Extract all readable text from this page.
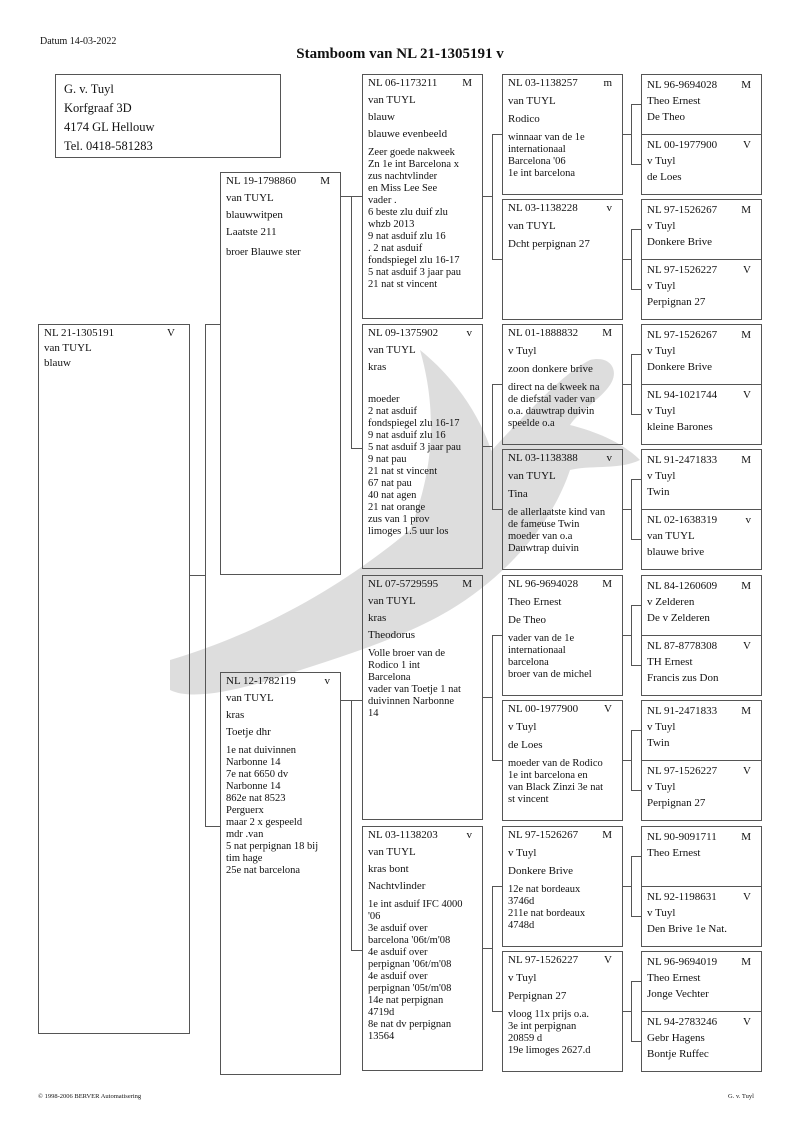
Datum 14-03-2022
Stamboom van NL 21-1305191 v
G. v. Tuyl
Korfgraaf 3D
4174 GL Hellouw
Tel. 0418-581283
NL 21-1305191	V
van TUYL
blauw
NL 19-1798860 M
van TUYL
blauwwitpen
Laatste 211
broer Blauwe ster
NL 12-1782119	v
van TUYL
kras
Toetje dhr
1e nat duivinnen
Narbonne 14
7e nat 6650 dv
Narbonne 14
862e nat 8523
Perguerx
maar 2 x gespeeld
mdr .van
5 nat perpignan 18 bij
tim hage
25e nat barcelona
NL 06-1173211 M
van TUYL
blauw
blauwe evenbeeld
Zeer goede nakweek
Zn 1e int Barcelona x
zus nachtvlinder
en Miss Lee See
vader .
6 beste zlu duif zlu
whzb 2013
9 nat asduif zlu 16
. 2 nat asduif
fondspiegel zlu 16-17
5 nat asduif 3 jaar pau
21 nat st vincent
NL 09-1375902	v
van TUYL
kras
moeder
2 nat asduif
fondspiegel zlu 16-17
9 nat asduif zlu 16
5 nat asduif 3 jaar pau
9 nat pau
21 nat st vincent
67 nat pau
40 nat agen
21 nat orange
zus van 1 prov
limoges 1.5 uur los
NL 07-5729595 M
van TUYL
kras
Theodorus
Volle broer van de
Rodico 1 int
Barcelona
vader van Toetje 1 nat
duivinnen Narbonne
14
NL 03-1138203	v
van TUYL
kras bont
Nachtvlinder
1e int asduif IFC 4000
'06
3e asduif over
barcelona '06t/m'08
4e asduif over
perpignan '06t/m'08
4e asduif over
perpignan '05t/m'08
14e nat perpignan
4719d
8e nat dv perpignan
13564
NL 03-1138257 m
van TUYL
Rodico
winnaar van de 1e
internationaal
Barcelona '06
1e int barcelona
NL 03-1138228	v
van TUYL
Dcht perpignan 27
NL 01-1888832 M
v Tuyl
zoon donkere brive
direct na de kweek na
de diefstal vader van
o.a. dauwtrap duivin
speelde o.a
NL 03-1138388	v
van TUYL
Tina
de allerlaatste kind van
de fameuse Twin
moeder van o.a
Dauwtrap duivin
NL 96-9694028 M
Theo Ernest
De Theo
vader van de 1e
internationaal
barcelona
broer van de michel
NL 00-1977900 V
v Tuyl
de Loes
moeder van de Rodico
1e int barcelona en
van Black Zinzi 3e nat
st vincent
NL 97-1526267 M
v Tuyl
Donkere Brive
12e nat bordeaux
3746d
211e nat bordeaux
4748d
NL 97-1526227 V
v Tuyl
Perpignan 27
vloog 11x prijs o.a.
3e int perpignan
20859 d
19e limoges 2627.d
NL 96-9694028 M
Theo Ernest
De Theo
NL 00-1977900 V
v Tuyl
de Loes
NL 97-1526267 M
v Tuyl
Donkere Brive
NL 97-1526227 V
v Tuyl
Perpignan 27
NL 97-1526267 M
v Tuyl
Donkere Brive
NL 94-1021744 V
v Tuyl
kleine Barones
NL 91-2471833 M
v Tuyl
Twin
NL 02-1638319	v
van TUYL
blauwe brive
NL 84-1260609 M
v Zelderen
De v Zelderen
NL 87-8778308 V
TH Ernest
Francis zus Don
NL 91-2471833 M
v Tuyl
Twin
NL 97-1526227 V
v Tuyl
Perpignan 27
NL 90-9091711 M
Theo Ernest
NL 92-1198631 V
v Tuyl
Den Brive 1e Nat.
NL 96-9694019 M
Theo Ernest
Jonge Vechter
NL 94-2783246 V
Gebr Hagens
Bontje Ruffec
© 1998-2006 BERVER Automatisering	G. v. Tuyl
